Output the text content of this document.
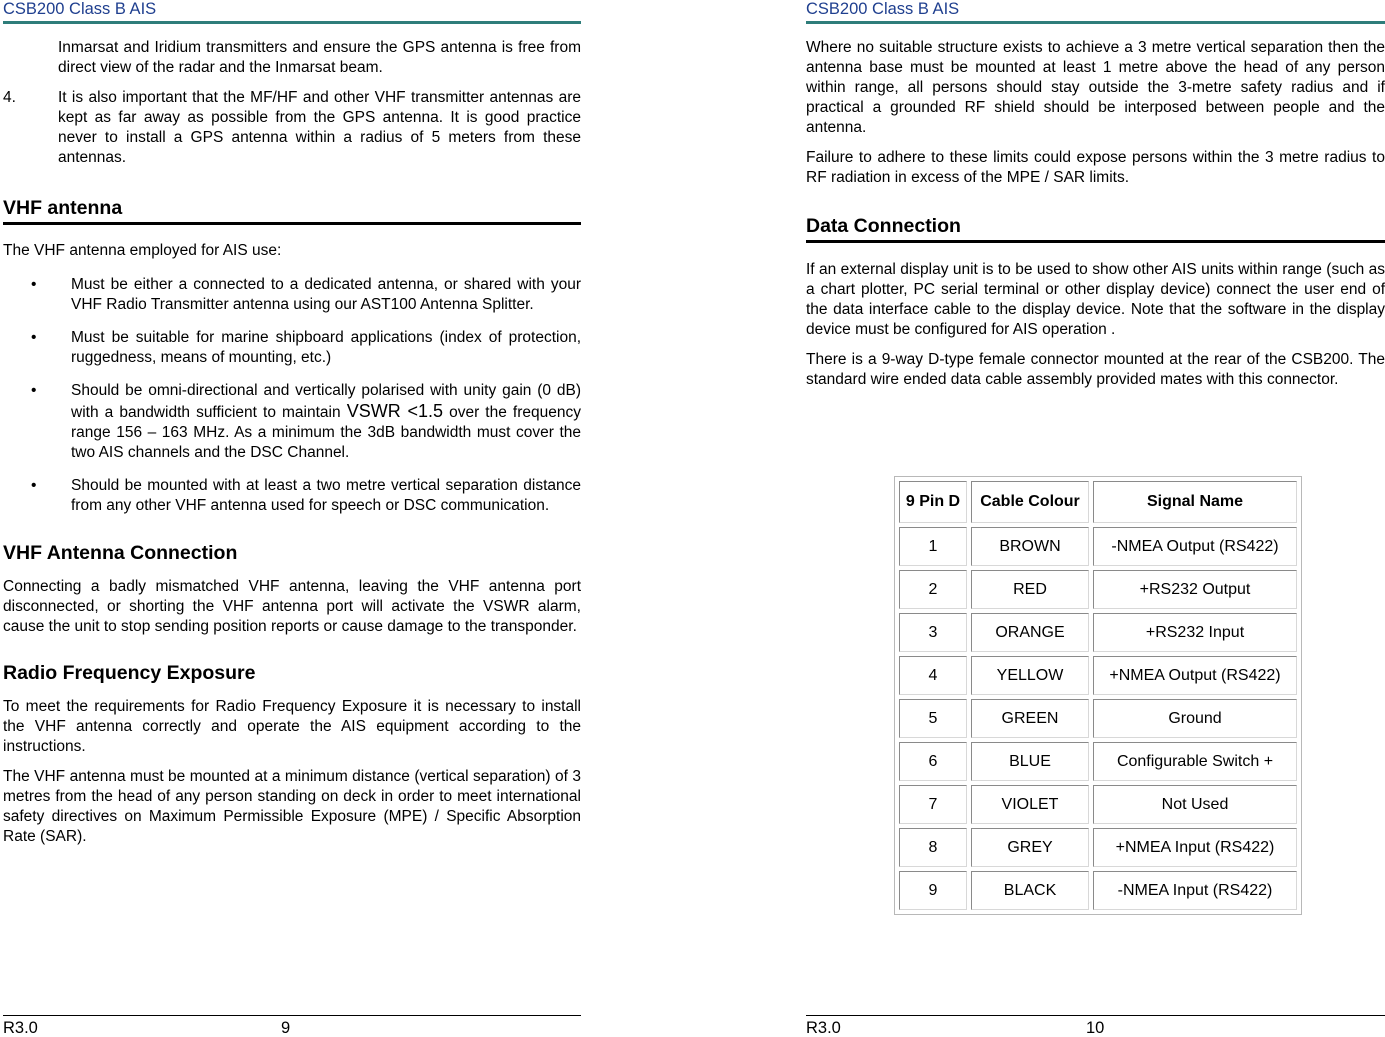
CSB200 Class B AIS

Inmarsat and Iridium transmitters and ensure the GPS antenna is free from direct view of the radar and the Inmarsat beam.

4.	It is also important that the MF/HF and other VHF transmitter antennas are kept as far away as possible from the GPS antenna. It is good practice never to install a GPS antenna within a radius of 5 meters from these antennas.
VHF antenna

The VHF antenna employed for AIS use:

• Must be either a connected to a dedicated antenna, or shared with your VHF Radio Transmitter antenna using our AST100 Antenna Splitter.
• Must be suitable for marine shipboard applications (index of protection, ruggedness, means of mounting, etc.)
• Should be omni-directional and vertically polarised with unity gain (0 dB) with a bandwidth sufficient to maintain VSWR <1.5 over the frequency range 156 – 163 MHz. As a minimum the 3dB bandwidth must cover the two AIS channels and the DSC Channel.
• Should be mounted with at least a two metre vertical separation distance from any other VHF antenna used for speech or DSC communication.
VHF Antenna Connection

Connecting a badly mismatched VHF antenna, leaving the VHF antenna port disconnected, or shorting the VHF antenna port will activate the VSWR alarm, cause the unit to stop sending position reports or cause damage to the transponder.

Radio Frequency Exposure

To meet the requirements for Radio Frequency Exposure it is necessary to install the VHF antenna correctly and operate the AIS equipment according to the instructions.

The VHF antenna must be mounted at a minimum distance (vertical separation) of 3 metres from the head of any person standing on deck in order to meet international safety directives on Maximum Permissible Exposure (MPE) / Specific Absorption Rate (SAR).

R3.0	9
CSB200 Class B AIS

Where no suitable structure exists to achieve a 3 metre vertical separation then the antenna base must be mounted at least 1 metre above the head of any person within range, all persons should stay outside the 3-metre safety radius and if practical a grounded RF shield should be interposed between people and the antenna.

Failure to adhere to these limits could expose persons within the 3 metre radius to RF radiation in excess of the MPE / SAR limits.

Data Connection

If an external display unit is to be used to show other AIS units within range (such as a chart plotter, PC serial terminal or other display device) connect the user end of the data interface cable to the display device. Note that the software in the display device must be configured for AIS operation .

There is a 9-way D-type female connector mounted at the rear of the CSB200. The standard wire ended data cable assembly provided mates with this connector.

9 Pin D	Cable Colour	Signal Name
1	BROWN	-NMEA Output (RS422)
2	RED	+RS232 Output
3	ORANGE	+RS232 Input
4	YELLOW	+NMEA Output (RS422)
5	GREEN	Ground
6	BLUE	Configurable Switch +
7	VIOLET	Not Used
8	GREY	+NMEA Input (RS422)
9	BLACK	-NMEA Input (RS422)
R3.0	10
